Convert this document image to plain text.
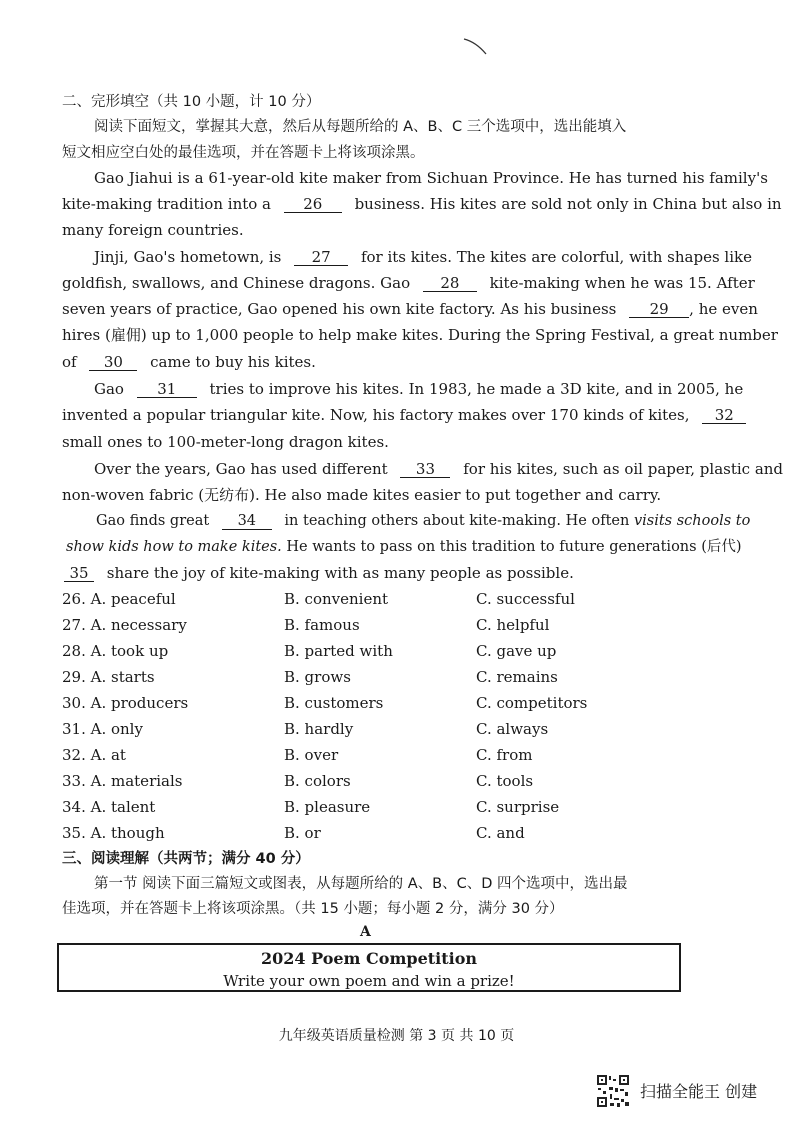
二、完形填空（共 10 小题，计 10 分）
阅读下面短文，掌握其大意，然后从每题所给的 A、B、C 三个选项中，选出能填入
短文相应空白处的最佳选项，并在答题卡上将该项涂黑。
Gao Jiahui is a 61-year-old kite maker from Sichuan Province. He has turned his family's
kite-making tradition into a 26 business. His kites are sold not only in China but also in
many foreign countries.
Jinji, Gao's hometown, is 27 for its kites. The kites are colorful, with shapes like
goldfish, swallows, and Chinese dragons. Gao 28 kite-making when he was 15. After
seven years of practice, Gao opened his own kite factory. As his business 29 , he even
hires (雇佣) up to 1,000 people to help make kites. During the Spring Festival, a great number
of 30 came to buy his kites.
Gao 31 tries to improve his kites. In 1983, he made a 3D kite, and in 2005, he
invented a popular triangular kite. Now, his factory makes over 170 kinds of kites, 32
small ones to 100-meter-long dragon kites.
Over the years, Gao has used different 33 for his kites, such as oil paper, plastic and
non-woven fabric (无纺布). He also made kites easier to put together and carry.
Gao finds great 34 in teaching others about kite-making. He often visits schools to
show kids how to make kites. He wants to pass on this tradition to future generations (后代)
35 share the joy of kite-making with as many people as possible.
26. A. peaceful	B. convenient	C. successful
27. A. necessary	B. famous	C. helpful
28. A. took up	B. parted with	C. gave up
29. A. starts	B. grows	C. remains
30. A. producers	B. customers	C. competitors
31. A. only	B. hardly	C. always
32. A. at	B. over	C. from
33. A. materials	B. colors	C. tools
34. A. talent	B. pleasure	C. surprise
35. A. though	B. or	C. and
三、阅读理解（共两节；满分 40 分）
第一节 阅读下面三篇短文或图表，从每题所给的 A、B、C、D 四个选项中，选出最
佳选项，并在答题卡上将该项涂黑。（共 15 小题；每小题 2 分，满分 30 分）
A
2024 Poem Competition
Write your own poem and win a prize!
九年级英语质量检测 第 3 页 共 10 页
扫描全能王 创建
